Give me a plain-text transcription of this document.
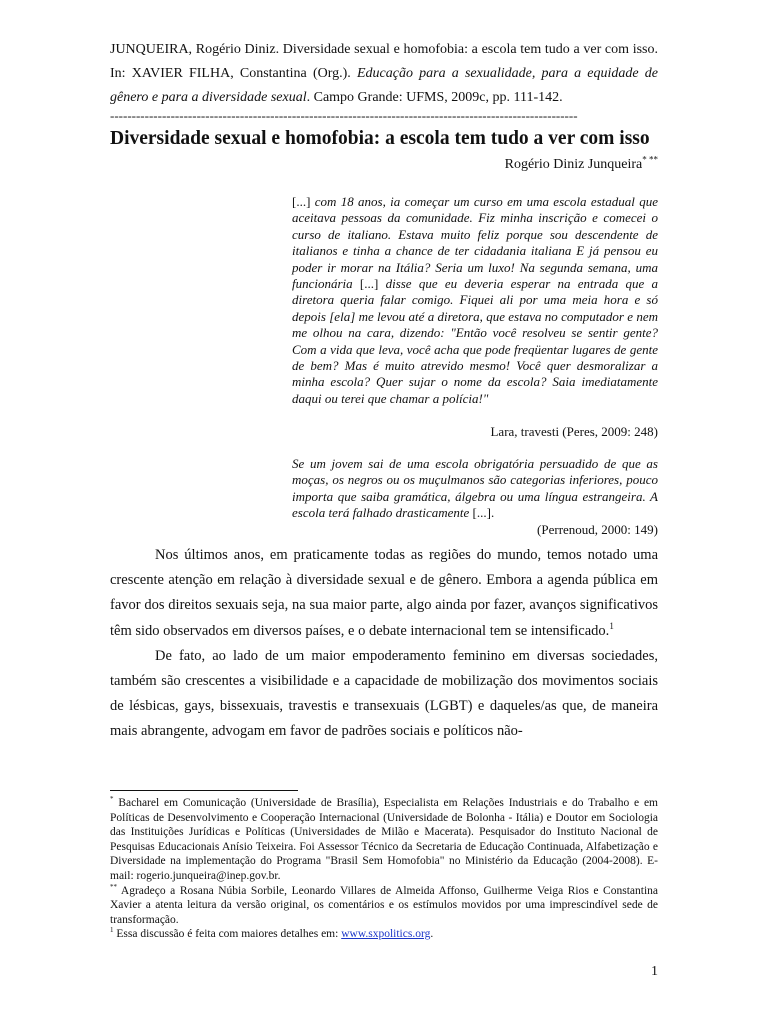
JUNQUEIRA, Rogério Diniz. Diversidade sexual e homofobia: a escola tem tudo a ver com isso. In: XAVIER FILHA, Constantina (Org.). Educação para a sexualidade, para a equidade de gênero e para a diversidade sexual. Campo Grande: UFMS, 2009c, pp. 111-142.
------------------------------------------------------------------------------------------------------------
Diversidade sexual e homofobia: a escola tem tudo a ver com isso
Rogério Diniz Junqueira* **
[...] com 18 anos, ia começar um curso em uma escola estadual que aceitava pessoas da comunidade. Fiz minha inscrição e comecei o curso de italiano. Estava muito feliz porque sou descendente de italianos e tinha a chance de ter cidadania italiana E já pensou eu poder ir morar na Itália? Seria um luxo! Na segunda semana, uma funcionária [...] disse que eu deveria esperar na entrada que a diretora queria falar comigo. Fiquei ali por uma meia hora e só depois [ela] me levou até a diretora, que estava no computador e nem me olhou na cara, dizendo: "Então você resolveu se sentir gente? Com a vida que leva, você acha que pode freqüentar lugares de gente de bem? Mas é muito atrevido mesmo! Você quer desmoralizar a minha escola? Quer sujar o nome da escola? Saia imediatamente daqui ou terei que chamar a polícia!"
Lara, travesti (Peres, 2009: 248)
Se um jovem sai de uma escola obrigatória persuadido de que as moças, os negros ou os muçulmanos são categorias inferiores, pouco importa que saiba gramática, álgebra ou uma língua estrangeira. A escola terá falhado drasticamente [...].
(Perrenoud, 2000: 149)

Nos últimos anos, em praticamente todas as regiões do mundo, temos notado uma crescente atenção em relação à diversidade sexual e de gênero. Embora a agenda pública em favor dos direitos sexuais seja, na sua maior parte, algo ainda por fazer, avanços significativos têm sido observados em diversos países, e o debate internacional tem se intensificado.$^1$

De fato, ao lado de um maior empoderamento feminino em diversas sociedades, também são crescentes a visibilidade e a capacidade de mobilização dos movimentos sociais de lésbicas, gays, bissexuais, travestis e transexuais (LGBT) e daqueles/as que, de maneira mais abrangente, advogam em favor de padrões sociais e políticos não-

* Bacharel em Comunicação (Universidade de Brasília), Especialista em Relações Industriais e do Trabalho e em Políticas de Desenvolvimento e Cooperação Internacional (Universidade de Bolonha - Itália) e Doutor em Sociologia das Instituições Jurídicas e Políticas (Universidades de Milão e Macerata). Pesquisador do Instituto Nacional de Pesquisas Educacionais Anísio Teixeira. Foi Assessor Técnico da Secretaria de Educação Continuada, Alfabetização e Diversidade na implementação do Programa "Brasil Sem Homofobia" no Ministério da Educação (2004-2008). E-mail: rogerio.junqueira@inep.gov.br.

** Agradeço a Rosana Núbia Sorbile, Leonardo Villares de Almeida Affonso, Guilherme Veiga Rios e Constantina Xavier a atenta leitura da versão original, os comentários e os estímulos movidos por uma imprescindível sede de transformação.

$^1$ Essa discussão é feita com maiores detalhes em: www.sxpolitics.org.

1
